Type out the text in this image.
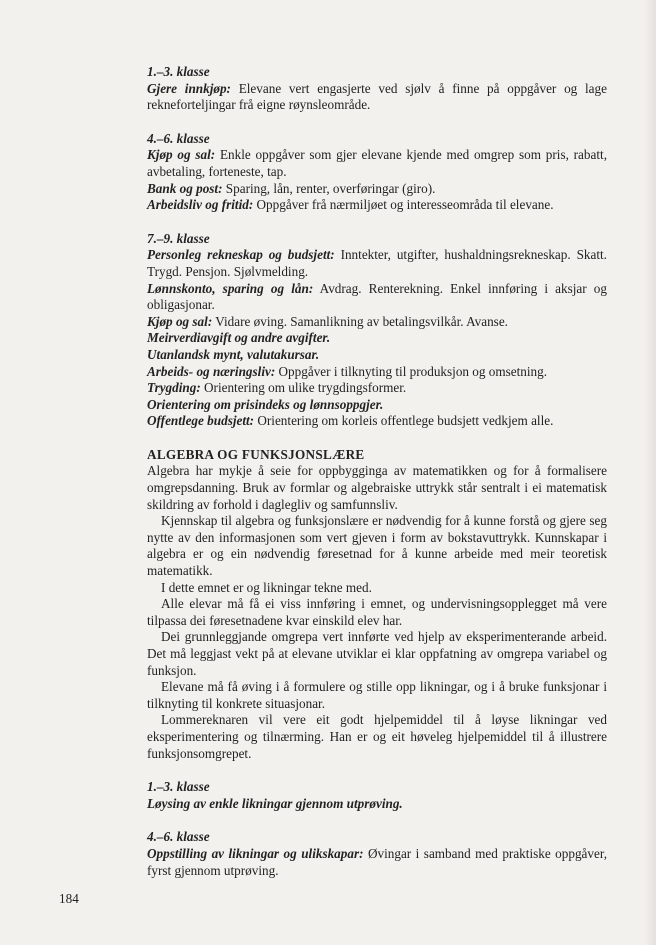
1.–3. klasse

Gjere innkjøp: Elevane vert engasjerte ved sjølv å finne på oppgåver og lage rekneforteljingar frå eigne røynsleområde.

4.–6. klasse

Kjøp og sal: Enkle oppgåver som gjer elevane kjende med omgrep som pris, rabatt, avbetaling, forteneste, tap.

Bank og post: Sparing, lån, renter, overføringar (giro).

Arbeidsliv og fritid: Oppgåver frå nærmiljøet og interesseområda til elevane.

7.–9. klasse

Personleg rekneskap og budsjett: Inntekter, utgifter, hushaldningsrekneskap. Skatt. Trygd. Pensjon. Sjølvmelding.

Lønnskonto, sparing og lån: Avdrag. Renterekning. Enkel innføring i aksjar og obligasjonar.

Kjøp og sal: Vidare øving. Samanlikning av betalingsvilkår. Avanse.

Meirverdiavgift og andre avgifter.

Utanlandsk mynt, valutakursar.

Arbeids- og næringsliv: Oppgåver i tilknyting til produksjon og omsetning.

Trygding: Orientering om ulike trygdingsformer.

Orientering om prisindeks og lønnsoppgjer.

Offentlege budsjett: Orientering om korleis offentlege budsjett vedkjem alle.

ALGEBRA OG FUNKSJONSLÆRE

Algebra har mykje å seie for oppbygginga av matematikken og for å formalisere omgrepsdanning. Bruk av formlar og algebraiske uttrykk står sentralt i ei matematisk skildring av forhold i daglegliv og samfunnsliv.

Kjennskap til algebra og funksjonslære er nødvendig for å kunne forstå og gjere seg nytte av den informasjonen som vert gjeven i form av bokstavuttrykk. Kunnskapar i algebra er og ein nødvendig føresetnad for å kunne arbeide med meir teoretisk matematikk.

I dette emnet er og likningar tekne med.

Alle elevar må få ei viss innføring i emnet, og undervisningsopplegget må vere tilpassa dei føresetnadene kvar einskild elev har.

Dei grunnleggjande omgrepa vert innførte ved hjelp av eksperimenterande arbeid. Det må leggjast vekt på at elevane utviklar ei klar oppfatning av omgrepa variabel og funksjon.

Elevane må få øving i å formulere og stille opp likningar, og i å bruke funksjonar i tilknyting til konkrete situasjonar.

Lommereknaren vil vere eit godt hjelpemiddel til å løyse likningar ved eksperimentering og tilnærming. Han er og eit høveleg hjelpemiddel til å illustrere funksjonsomgrepet.

1.–3. klasse

Løysing av enkle likningar gjennom utprøving.

4.–6. klasse

Oppstilling av likningar og ulikskapar: Øvingar i samband med praktiske oppgåver, fyrst gjennom utprøving.

184
